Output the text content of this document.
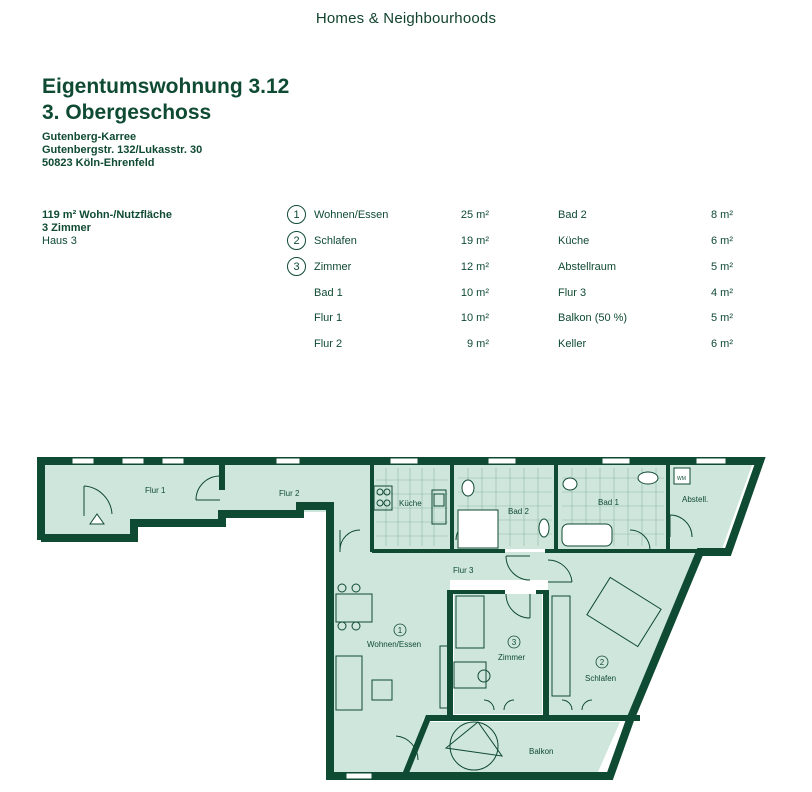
Homes & Neighbourhoods
Eigentumswohnung 3.12
3. Obergeschoss
Gutenberg-Karree
Gutenbergstr. 132/Lukasstr. 30
50823 Köln-Ehrenfeld
119 m² Wohn-/Nutzfläche
3 Zimmer
Haus 3
1	Wohnen/Essen	25 m²
2	Schlafen	19 m²
3	Zimmer	12 m²
Bad 1	10 m²
Flur 1	10 m²
Flur 2	9 m²
Bad 2	8 m²
Küche	6 m²
Abstellraum	5 m²
Flur 3	4 m²
Balkon (50 %)	5 m²
Keller	6 m²
Flur 1	Flur 2
Küche
Bad 2
Bad 1	Abstell.
Flur 3
Wohnen/Essen
Zimmer
Schlafen
Balkon
WM
HWR
1
3
2
